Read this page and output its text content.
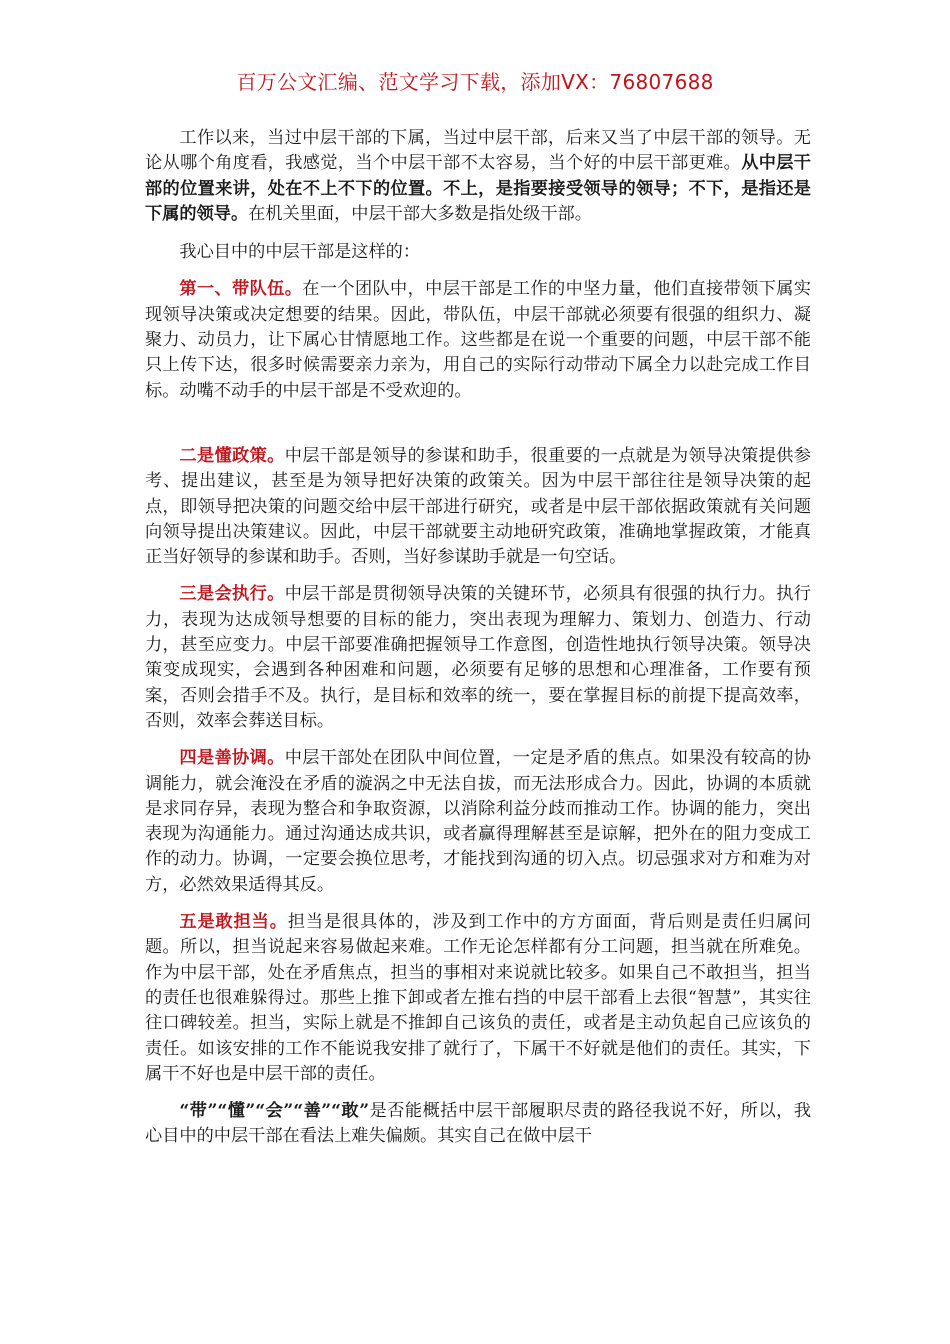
百万公文汇编、范文学习下载，添加VX：76807688

工作以来，当过中层干部的下属，当过中层干部，后来又当了中层干部的领导。无论从哪个角度看，我感觉，当个中层干部不太容易，当个好的中层干部更难。从中层干部的位置来讲，处在不上不下的位置。不上，是指要接受领导的领导；不下，是指还是下属的领导。在机关里面，中层干部大多数是指处级干部。

我心目中的中层干部是这样的：

第一、带队伍。在一个团队中，中层干部是工作的中坚力量，他们直接带领下属实现领导决策或决定想要的结果。因此，带队伍，中层干部就必须要有很强的组织力、凝聚力、动员力，让下属心甘情愿地工作。这些都是在说一个重要的问题，中层干部不能只上传下达，很多时候需要亲力亲为，用自己的实际行动带动下属全力以赴完成工作目标。动嘴不动手的中层干部是不受欢迎的。

二是懂政策。中层干部是领导的参谋和助手，很重要的一点就是为领导决策提供参考、提出建议，甚至是为领导把好决策的政策关。因为中层干部往往是领导决策的起点，即领导把决策的问题交给中层干部进行研究，或者是中层干部依据政策就有关问题向领导提出决策建议。因此，中层干部就要主动地研究政策，准确地掌握政策，才能真正当好领导的参谋和助手。否则，当好参谋助手就是一句空话。

三是会执行。中层干部是贯彻领导决策的关键环节，必须具有很强的执行力。执行力，表现为达成领导想要的目标的能力，突出表现为理解力、策划力、创造力、行动力，甚至应变力。中层干部要准确把握领导工作意图，创造性地执行领导决策。领导决策变成现实，会遇到各种困难和问题，必须要有足够的思想和心理准备，工作要有预案，否则会措手不及。执行，是目标和效率的统一，要在掌握目标的前提下提高效率，否则，效率会葬送目标。

四是善协调。中层干部处在团队中间位置，一定是矛盾的焦点。如果没有较高的协调能力，就会淹没在矛盾的漩涡之中无法自拔，而无法形成合力。因此，协调的本质就是求同存异，表现为整合和争取资源，以消除利益分歧而推动工作。协调的能力，突出表现为沟通能力。通过沟通达成共识，或者赢得理解甚至是谅解，把外在的阻力变成工作的动力。协调，一定要会换位思考，才能找到沟通的切入点。切忌强求对方和难为对方，必然效果适得其反。

五是敢担当。担当是很具体的，涉及到工作中的方方面面，背后则是责任归属问题。所以，担当说起来容易做起来难。工作无论怎样都有分工问题，担当就在所难免。作为中层干部，处在矛盾焦点，担当的事相对来说就比较多。如果自己不敢担当，担当的责任也很难躲得过。那些上推下卸或者左推右挡的中层干部看上去很“智慧”，其实往往口碑较差。担当，实际上就是不推卸自己该负的责任，或者是主动负起自己应该负的责任。如该安排的工作不能说我安排了就行了，下属干不好就是他们的责任。其实，下属干不好也是中层干部的责任。

“带”“懂”“会”“善”“敢”是否能概括中层干部履职尽责的路径我说不好，所以，我心目中的中层干部在看法上难失偏颇。其实自己在做中层干
